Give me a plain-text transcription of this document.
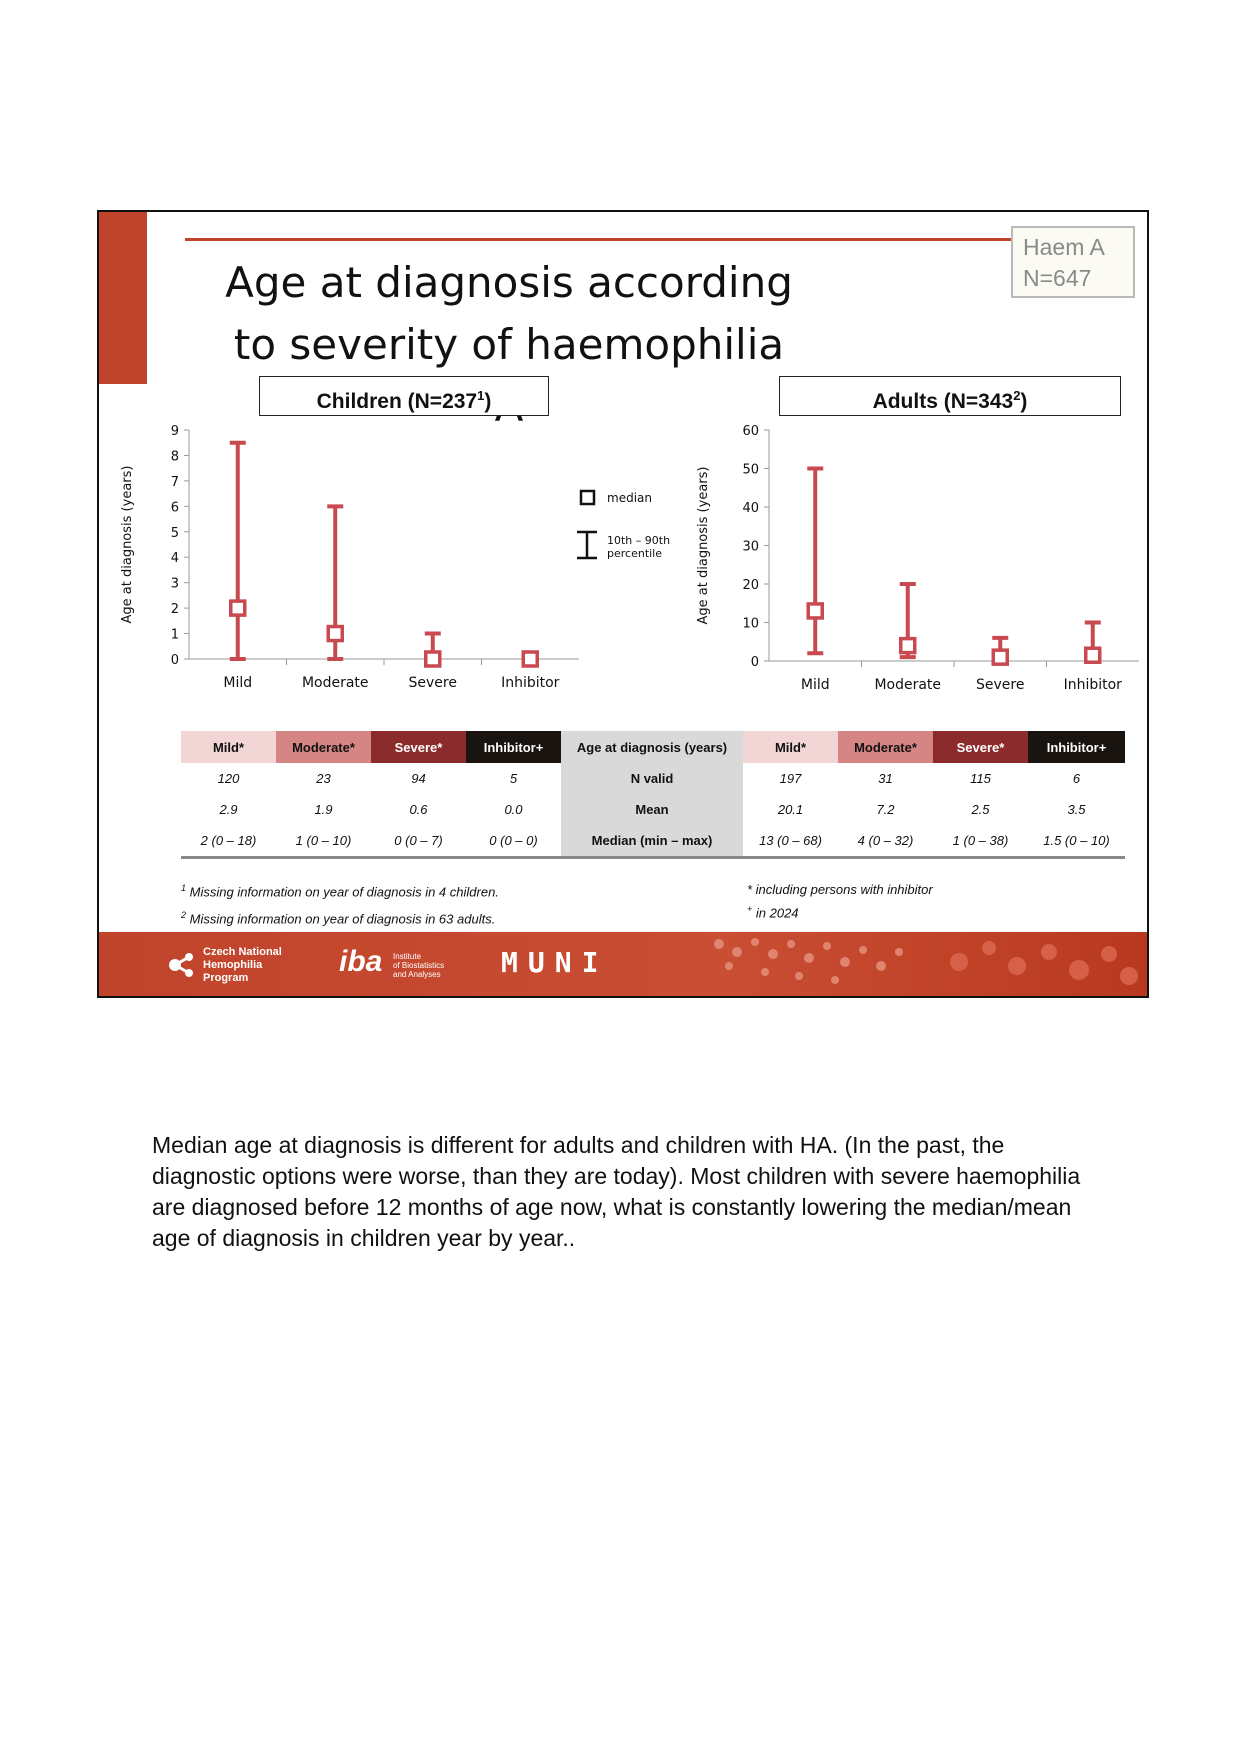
Age at diagnosis according to severity of haemophilia
Haem A
N=647
Children $(N=237^1)$	Adults $(N=343^2)$
0
1
2
3
4
5
6
7
8
9
Age at diagnosis (years)
Mild	Moderate	Severe	Inhibitor
median
10th – 90th
percentile
0
10
20
30
40
50
60
Age at diagnosis (years)
Mild	Moderate Severe	Inhibitor
Mild*	Moderate*	Severe*	Inhibitor+	Age at diagnosis (years)	Mild*	Moderate*	Severe*	Inhibitor+
120	23	94	5	N valid	197	31	115	6
2.9	1.9	0.6	0.0	Mean	20.1	7.2	2.5	3.5
2 (0 – 18)	1 (0 – 10)	0 (0 – 7)	0 (0 – 0)	Median (min – max)	13 (0 – 68)	4 (0 – 32)	1 (0 – 38)	1.5 (0 – 10)
$^1$ Missing information on year of diagnosis in 4 children.
$^2$ Missing information on year of diagnosis in 63 adults.
* including persons with inhibitor
+ in 2024
Czech National
Hemophilia
Program	iba Institute
of Biostatistics
and Analyses MUNI
Median age at diagnosis is different for adults and children with HA. (In the past, the diagnostic options were worse, than they are today). Most children with severe haemophilia are diagnosed before 12 months of age now, what is constantly lowering the median/mean age of diagnosis in children year by year..
